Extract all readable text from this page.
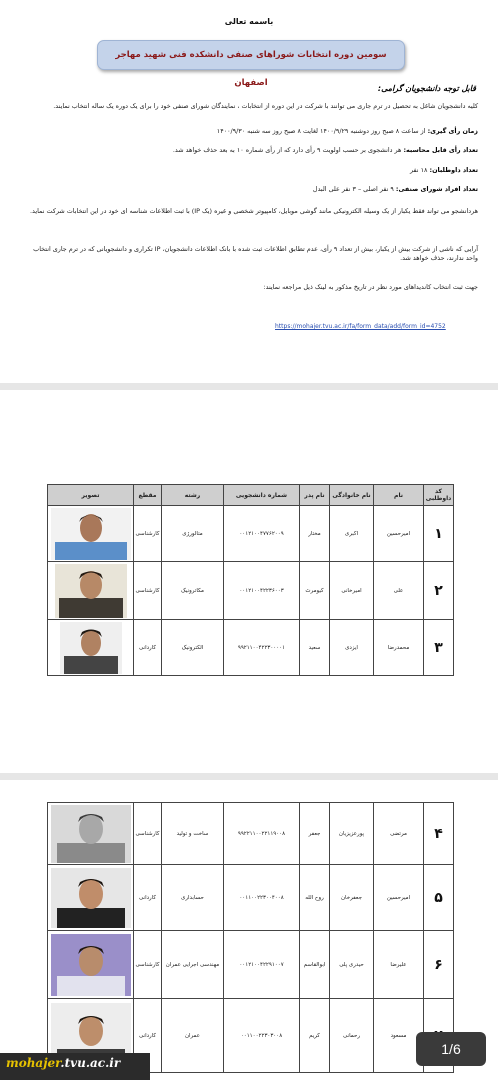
باسمه تعالی
سومین دوره انتخابات شوراهای صنفی دانشکده فنی شهید مهاجر اصفهان
قابل توجه دانشجویان گرامی:
کلیه دانشجویان شاغل به تحصیل در ترم جاری می توانند با شرکت در این دوره از انتخابات ، نمایندگان شورای صنفی خود را برای یک دوره یک ساله انتخاب نمایند.
زمان رأی گیری: از ساعت ۸ صبح روز دوشنبه ۱۴۰۰/۹/۲۹ لغایت ۸ صبح روز سه شنبه ۱۴۰۰/۹/۳۰
تعداد رأی قابل محاسبه: هر دانشجوی بر حسب اولویت ۹ رأی دارد که از رأی شماره ۱۰ به بعد حذف خواهد شد.
تعداد داوطلبان: ۱۸ نفر
تعداد افراد شورای صنفی: ۹ نفر اصلی – ۳ نفر علی البدل
هردانشجو می تواند فقط یکبار از یک وسیله الکترونیکی مانند گوشی موبایل، کامپیوتر شخصی و غیره (یک IP) با ثبت اطلاعات شناسه ای خود در این انتخابات شرکت نماید.
آرایی که ناشی از شرکت بیش از یکبار، بیش از تعداد ۹ رأی، عدم تطابق اطلاعات ثبت شده با بانک اطلاعات دانشجویان، IP تکراری و دانشجویانی که در ترم جاری انتخاب واحد ندارند، حذف خواهد شد.
جهت ثبت انتخاب کاندیداهای مورد نظر در تاریخ مذکور به لینک ذیل مراجعه نمایند:
https://mohajer.tvu.ac.ir/fa/form_data/add/form_id=4752
کد داوطلبی	نام	نام خانوادگی	نام پدر	شماره دانشجویی	رشته	مقطع	تصویر
۱	امیرحسین	اکبری	مختار	۰۰۱۲۱۰۰۴۷۷۶۲۰۰۹	متالورژی	کارشناسی	

۲	علی	امیرخانی	کیومرث	۰۰۱۲۱۰۰۴۲۲۳۶۰۰۳	مکاترونیک	کارشناسی	

۳	محمدرضا	ایزدی	سعید	۹۹۲۱۱۰۰۴۲۲۳۰۰۰۰۱	الکترونیک	کاردانی	
۴	مرتضی	پورعزیزیان	جعفر	۹۹۲۲۱۱۰۰۲۲۱۱۹۰۰۸	ساخت و تولید	کارشناسی	

۵	امیرحسین	جعفرخان	روح الله	۰۰۱۱۰۰۲۲۳۰۰۴۰۰۸	حسابداری	کاردانی	

۶	علیرضا	حیدری پلی	ابوالقاسم	۰۰۱۲۱۰۰۴۲۲۹۱۰۰۷	مهندسی اجرایی عمران	کارشناسی	

	مسعود	رحمانی	کریم	۰۰۱۱۰۰۲۲۳۰۳۰۰۸	عمران	کاردانی	
mohajer.tvu.ac.ir
1/6
